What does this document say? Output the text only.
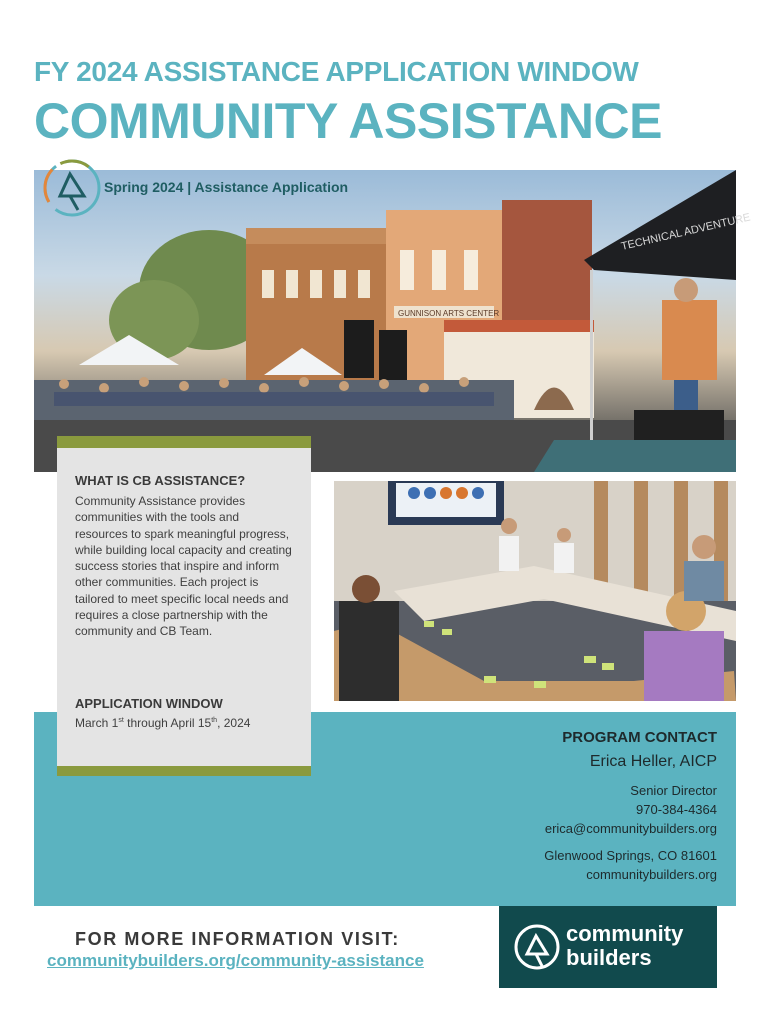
FY 2024 ASSISTANCE APPLICATION WINDOW
COMMUNITY ASSISTANCE
GUNNISON ARTS CENTER
TECHNICAL ADVENTURE
Spring 2024 | Assistance Application
WHAT IS CB ASSISTANCE?
Community Assistance provides communities with the tools and resources to spark meaningful progress, while building local capacity and creating success stories that inspire and inform other communities. Each project is tailored to meet specific local needs and requires a close partnership with the community and CB Team.
APPLICATION WINDOW
March 1st through April 15th, 2024
PROGRAM CONTACT
Erica Heller, AICP
Senior Director
970-384-4364
erica@communitybuilders.org
Glenwood Springs, CO 81601
communitybuilders.org
FOR MORE INFORMATION VISIT:
communitybuilders.org/community-assistance
community
builders
